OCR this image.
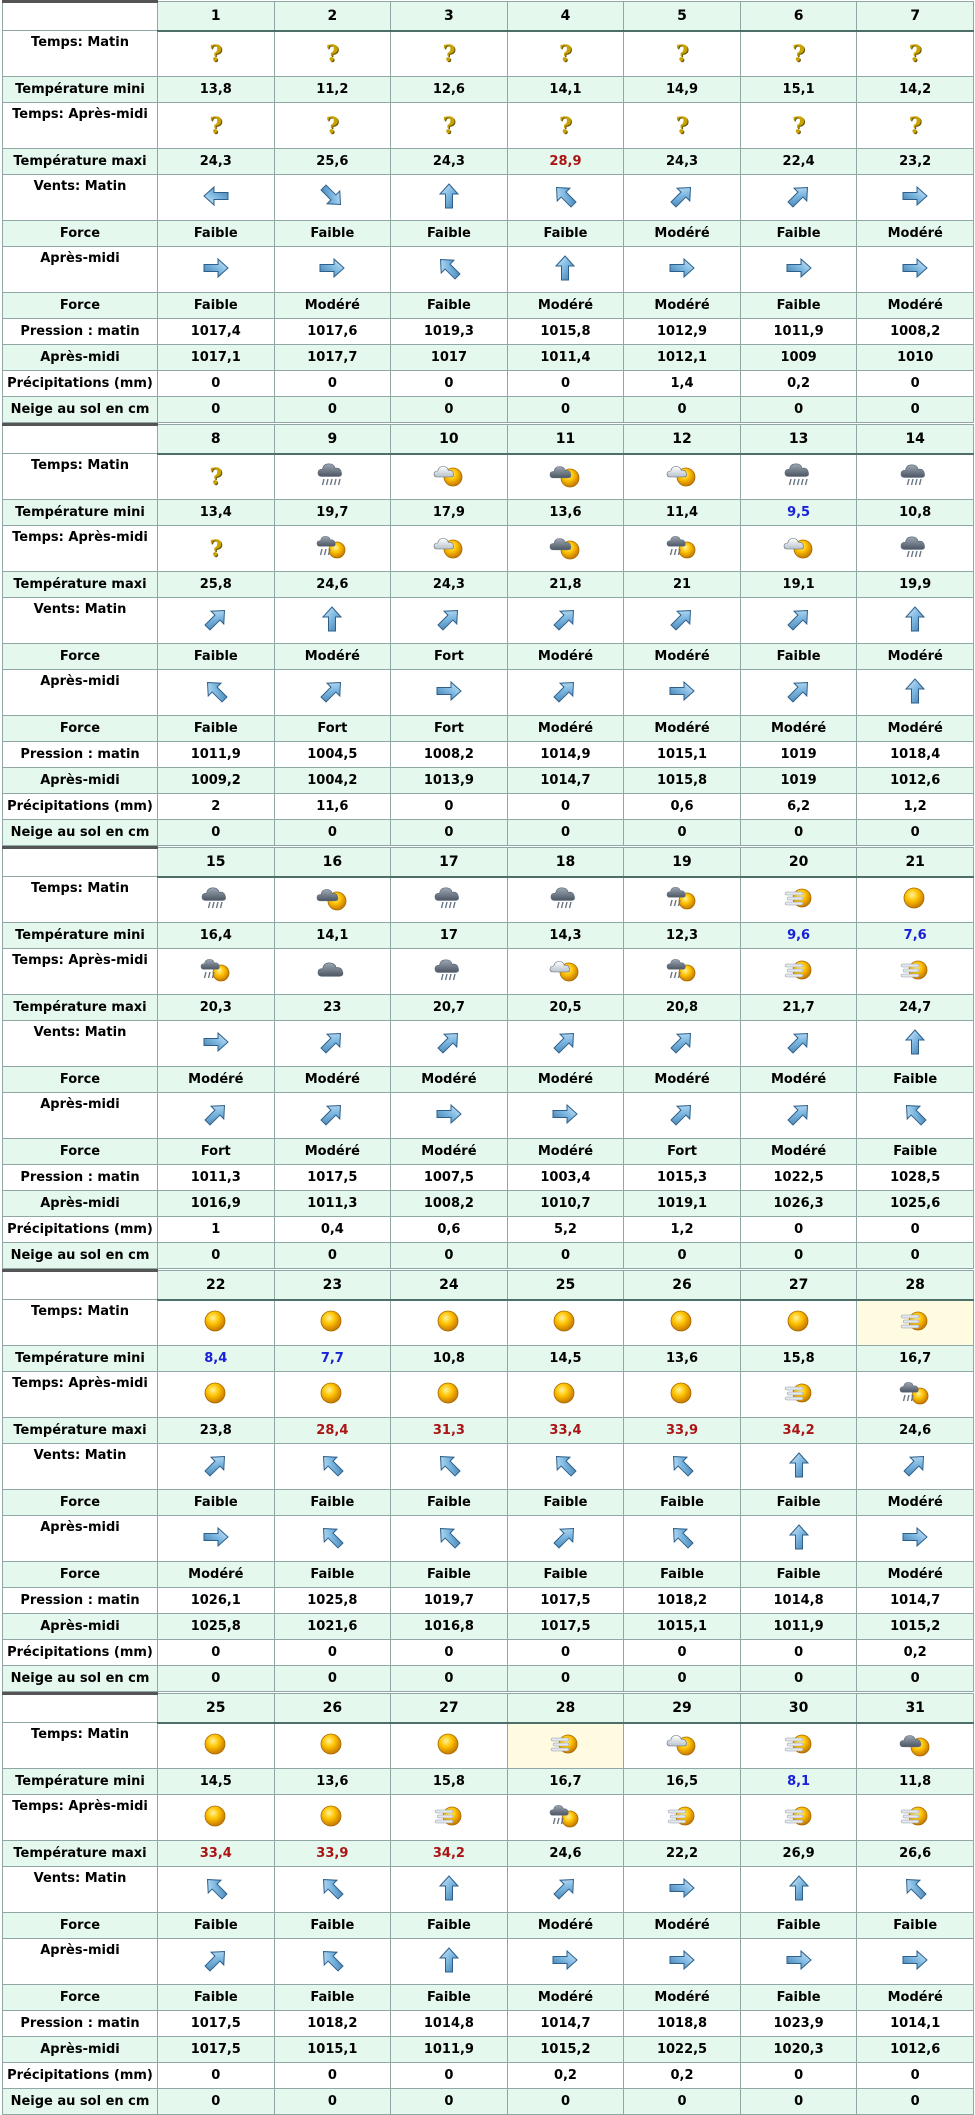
	1	2	3	4	5	6	7
Temps: Matin	?	?	?	?	?	?	?
Température mini	13,8	11,2	12,6	14,1	14,9	15,1	14,2
Temps: Après-midi	?	?	?	?	?	?	?
Température maxi	24,3	25,6	24,3	28,9	24,3	22,4	23,2
Vents: Matin							
Force	Faible	Faible	Faible	Faible	Modéré	Faible	Modéré
Après-midi							
Force	Faible	Modéré	Faible	Modéré	Modéré	Faible	Modéré
Pression : matin	1017,4	1017,6	1019,3	1015,8	1012,9	1011,9	1008,2
Après-midi	1017,1	1017,7	1017	1011,4	1012,1	1009	1010
Précipitations (mm)	0	0	0	0	1,4	0,2	0
Neige au sol en cm	0	0	0	0	0	0	0
	8	9	10	11	12	13	14
Temps: Matin	?						
Température mini	13,4	19,7	17,9	13,6	11,4	9,5	10,8
Temps: Après-midi	?						
Température maxi	25,8	24,6	24,3	21,8	21	19,1	19,9
Vents: Matin							
Force	Faible	Modéré	Fort	Modéré	Modéré	Faible	Modéré
Après-midi							
Force	Faible	Fort	Fort	Modéré	Modéré	Modéré	Modéré
Pression : matin	1011,9	1004,5	1008,2	1014,9	1015,1	1019	1018,4
Après-midi	1009,2	1004,2	1013,9	1014,7	1015,8	1019	1012,6
Précipitations (mm)	2	11,6	0	0	0,6	6,2	1,2
Neige au sol en cm	0	0	0	0	0	0	0
	15	16	17	18	19	20	21
Temps: Matin							
Température mini	16,4	14,1	17	14,3	12,3	9,6	7,6
Temps: Après-midi							
Température maxi	20,3	23	20,7	20,5	20,8	21,7	24,7
Vents: Matin							
Force	Modéré	Modéré	Modéré	Modéré	Modéré	Modéré	Faible
Après-midi							
Force	Fort	Modéré	Modéré	Modéré	Fort	Modéré	Faible
Pression : matin	1011,3	1017,5	1007,5	1003,4	1015,3	1022,5	1028,5
Après-midi	1016,9	1011,3	1008,2	1010,7	1019,1	1026,3	1025,6
Précipitations (mm)	1	0,4	0,6	5,2	1,2	0	0
Neige au sol en cm	0	0	0	0	0	0	0
	22	23	24	25	26	27	28
Temps: Matin							
Température mini	8,4	7,7	10,8	14,5	13,6	15,8	16,7
Temps: Après-midi							
Température maxi	23,8	28,4	31,3	33,4	33,9	34,2	24,6
Vents: Matin							
Force	Faible	Faible	Faible	Faible	Faible	Faible	Modéré
Après-midi							
Force	Modéré	Faible	Faible	Faible	Faible	Faible	Modéré
Pression : matin	1026,1	1025,8	1019,7	1017,5	1018,2	1014,8	1014,7
Après-midi	1025,8	1021,6	1016,8	1017,5	1015,1	1011,9	1015,2
Précipitations (mm)	0	0	0	0	0	0	0,2
Neige au sol en cm	0	0	0	0	0	0	0
	25	26	27	28	29	30	31
Temps: Matin							
Température mini	14,5	13,6	15,8	16,7	16,5	8,1	11,8
Temps: Après-midi							
Température maxi	33,4	33,9	34,2	24,6	22,2	26,9	26,6
Vents: Matin							
Force	Faible	Faible	Faible	Modéré	Modéré	Faible	Faible
Après-midi							
Force	Faible	Faible	Faible	Modéré	Modéré	Faible	Modéré
Pression : matin	1017,5	1018,2	1014,8	1014,7	1018,8	1023,9	1014,1
Après-midi	1017,5	1015,1	1011,9	1015,2	1022,5	1020,3	1012,6
Précipitations (mm)	0	0	0	0,2	0,2	0	0
Neige au sol en cm	0	0	0	0	0	0	0
